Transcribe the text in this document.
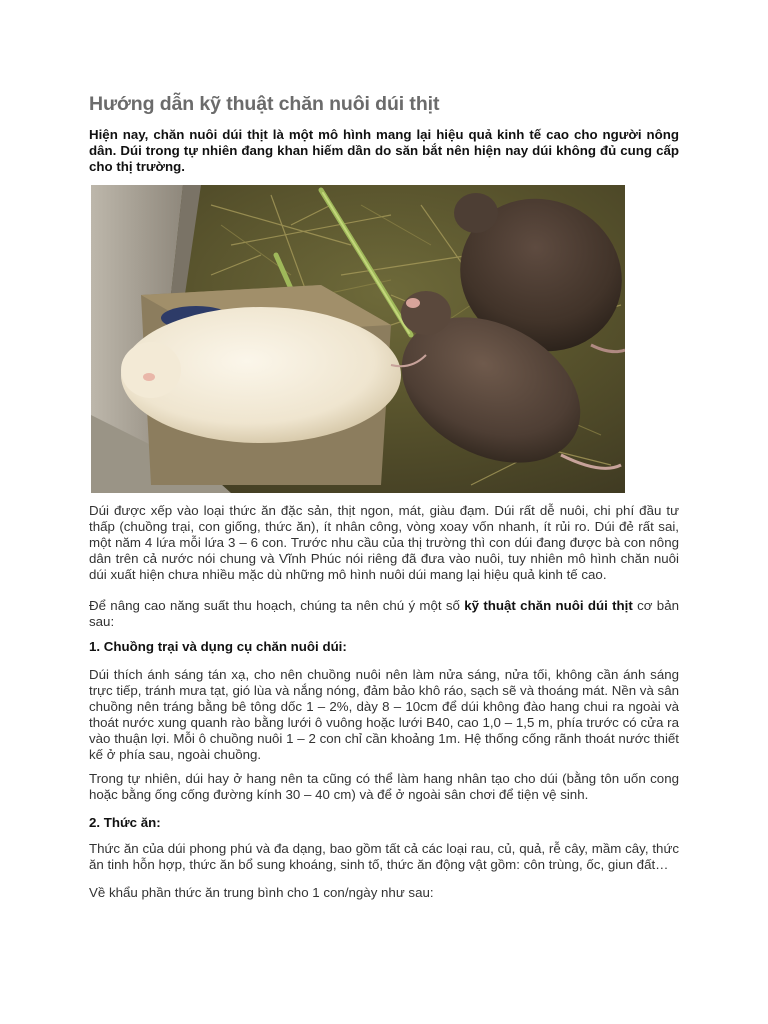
Hướng dẫn kỹ thuật chăn nuôi dúi thịt

Hiện nay, chăn nuôi dúi thịt là một mô hình mang lại hiệu quả kinh tế cao cho người nông dân. Dúi trong tự nhiên đang khan hiếm dần do săn bắt nên hiện nay dúi không đủ cung cấp cho thị trường.

Dúi được xếp vào loại thức ăn đặc sản, thịt ngon, mát, giàu đạm. Dúi rất dễ nuôi, chi phí đầu tư thấp (chuồng trại, con giống, thức ăn), ít nhân công, vòng xoay vốn nhanh, ít rủi ro. Dúi đẻ rất sai, một năm 4 lứa mỗi lứa 3 – 6 con. Trước nhu cầu của thị trường thì con dúi đang được bà con nông dân trên cả nước nói chung và Vĩnh Phúc nói riêng đã đưa vào nuôi, tuy nhiên mô hình chăn nuôi dúi xuất hiện chưa nhiều mặc dù những mô hình nuôi dúi mang lại hiệu quả kinh tế cao.

Để nâng cao năng suất thu hoạch, chúng ta nên chú ý một số kỹ thuật chăn nuôi dúi thịt cơ bản sau:

1. Chuồng trại và dụng cụ chăn nuôi dúi:

Dúi thích ánh sáng tán xạ, cho nên chuồng nuôi nên làm nửa sáng, nửa tối, không cần ánh sáng trực tiếp, tránh mưa tạt, gió lùa và nắng nóng, đảm bảo khô ráo, sạch sẽ và thoáng mát. Nền và sân chuồng nên tráng bằng bê tông dốc 1 – 2%, dày 8 – 10cm để dúi không đào hang chui ra ngoài và thoát nước xung quanh rào bằng lưới ô vuông hoặc lưới B40, cao 1,0 – 1,5 m, phía trước có cửa ra vào thuận lợi. Mỗi ô chuồng nuôi 1 – 2 con chỉ cần khoảng 1m. Hệ thống cống rãnh thoát nước thiết kế ở phía sau, ngoài chuồng.

Trong tự nhiên, dúi hay ở hang nên ta cũng có thể làm hang nhân tạo cho dúi (bằng tôn uốn cong hoặc bằng ống cống đường kính 30 – 40 cm) và để ở ngoài sân chơi để tiện vệ sinh.

2. Thức ăn:

Thức ăn của dúi phong phú và đa dạng, bao gồm tất cả các loại rau, củ, quả, rễ cây, mầm cây, thức ăn tinh hỗn hợp, thức ăn bổ sung khoáng, sinh tố, thức ăn động vật gồm: côn trùng, ốc, giun đất…

Về khẩu phần thức ăn trung bình cho 1 con/ngày như sau:
